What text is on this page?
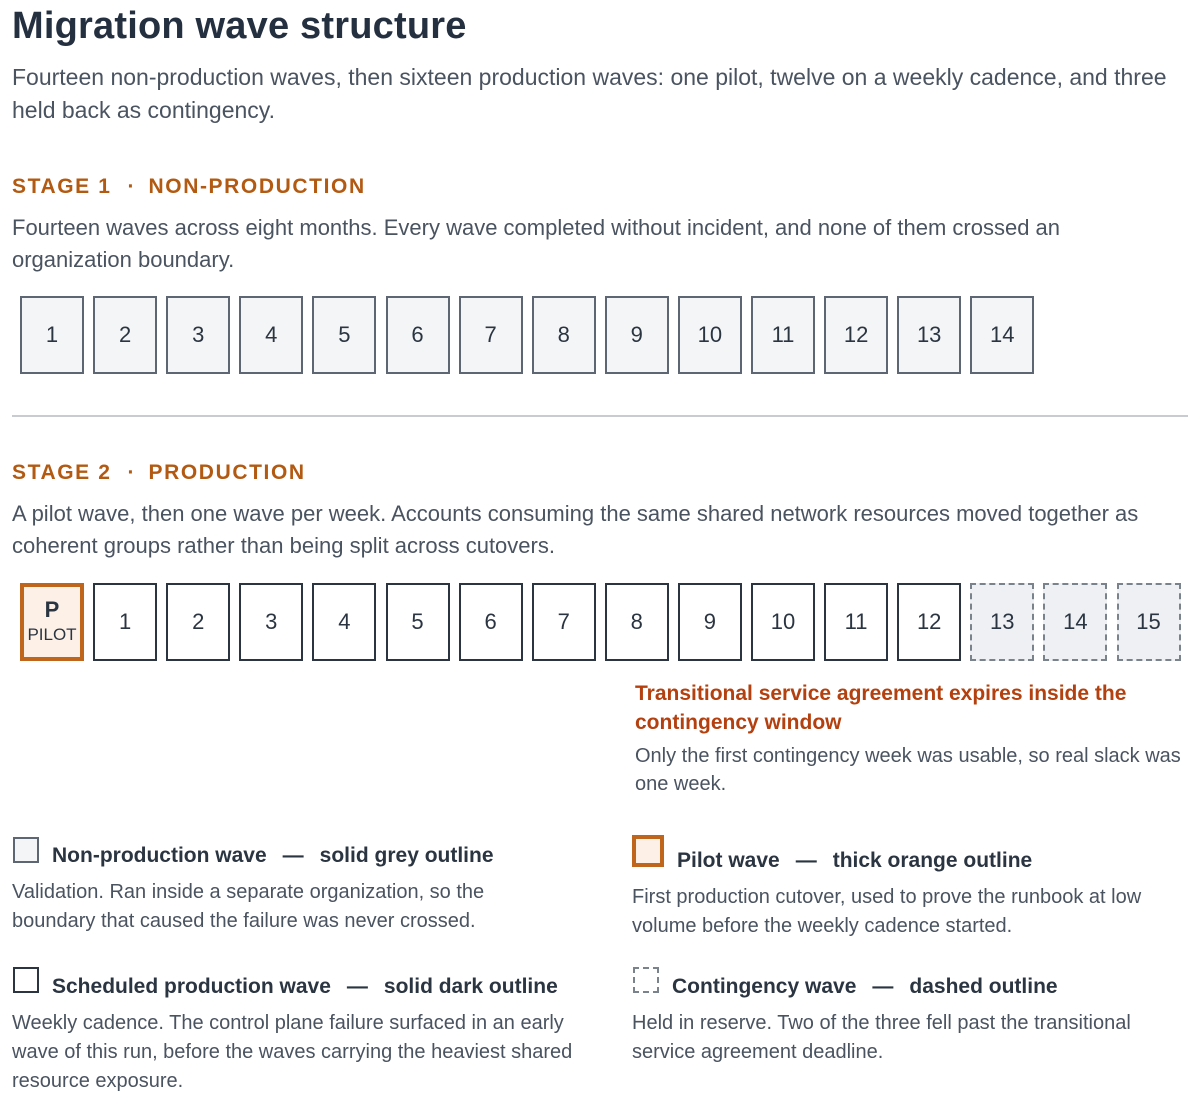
Migration wave structure
Fourteen non-production waves, then sixteen production waves: one pilot, twelve on a weekly cadence, and three held back as contingency.
STAGE 1 · NON-PRODUCTION
Fourteen waves across eight months. Every wave completed without incident, and none of them crossed an organization boundary.
1	2	3	4	5	6	7	8	9	10	11	12	13	14
STAGE 2 · PRODUCTION
A pilot wave, then one wave per week. Accounts consuming the same shared network resources moved together as coherent groups rather than being split across cutovers.
P
PILOT
1	2	3	4	5	6	7	8	9	10	11	12	13	14	15
Transitional service agreement expires inside the contingency window
Only the first contingency week was usable, so real slack was one week.
Non-production wave — solid grey outline
Validation. Ran inside a separate organization, so the boundary that caused the failure was never crossed.
Pilot wave — thick orange outline
First production cutover, used to prove the runbook at low volume before the weekly cadence started.
Scheduled production wave — solid dark outline
Weekly cadence. The control plane failure surfaced in an early wave of this run, before the waves carrying the heaviest shared resource exposure.
Contingency wave — dashed outline
Held in reserve. Two of the three fell past the transitional service agreement deadline.
